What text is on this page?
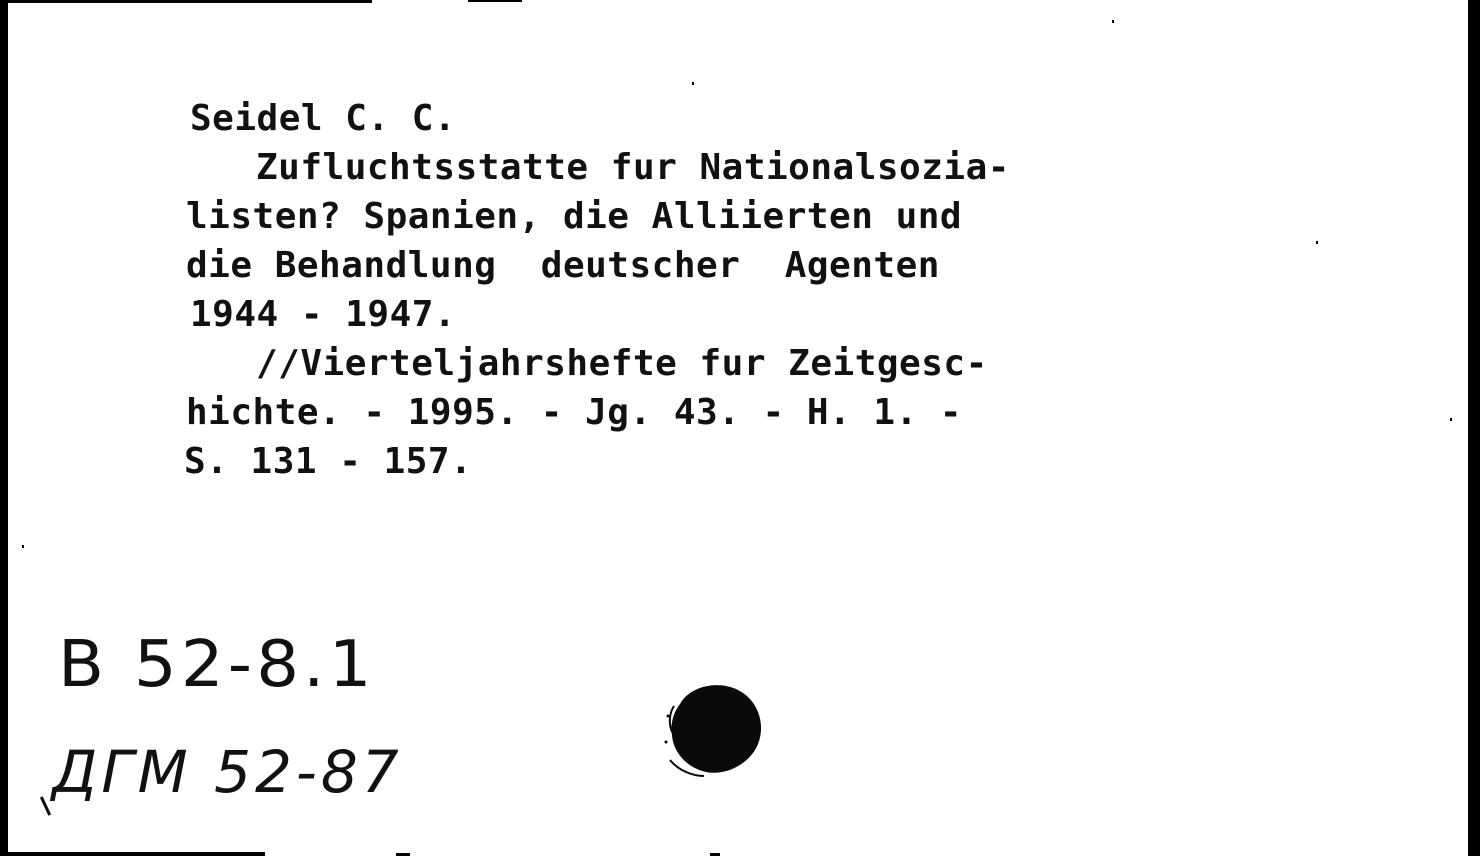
Seidel C. C.

Zufluchtsstatte fur Nationalsozia-

listen? Spanien, die Alliierten und

die Behandlung  deutscher  Agenten

1944 - 1947.

//Vierteljahrshefte fur Zeitgesc-

hichte. - 1995. - Jg. 43. - H. 1. -

S. 131 - 157.

B 52-8.1

ДГМ 52-87
